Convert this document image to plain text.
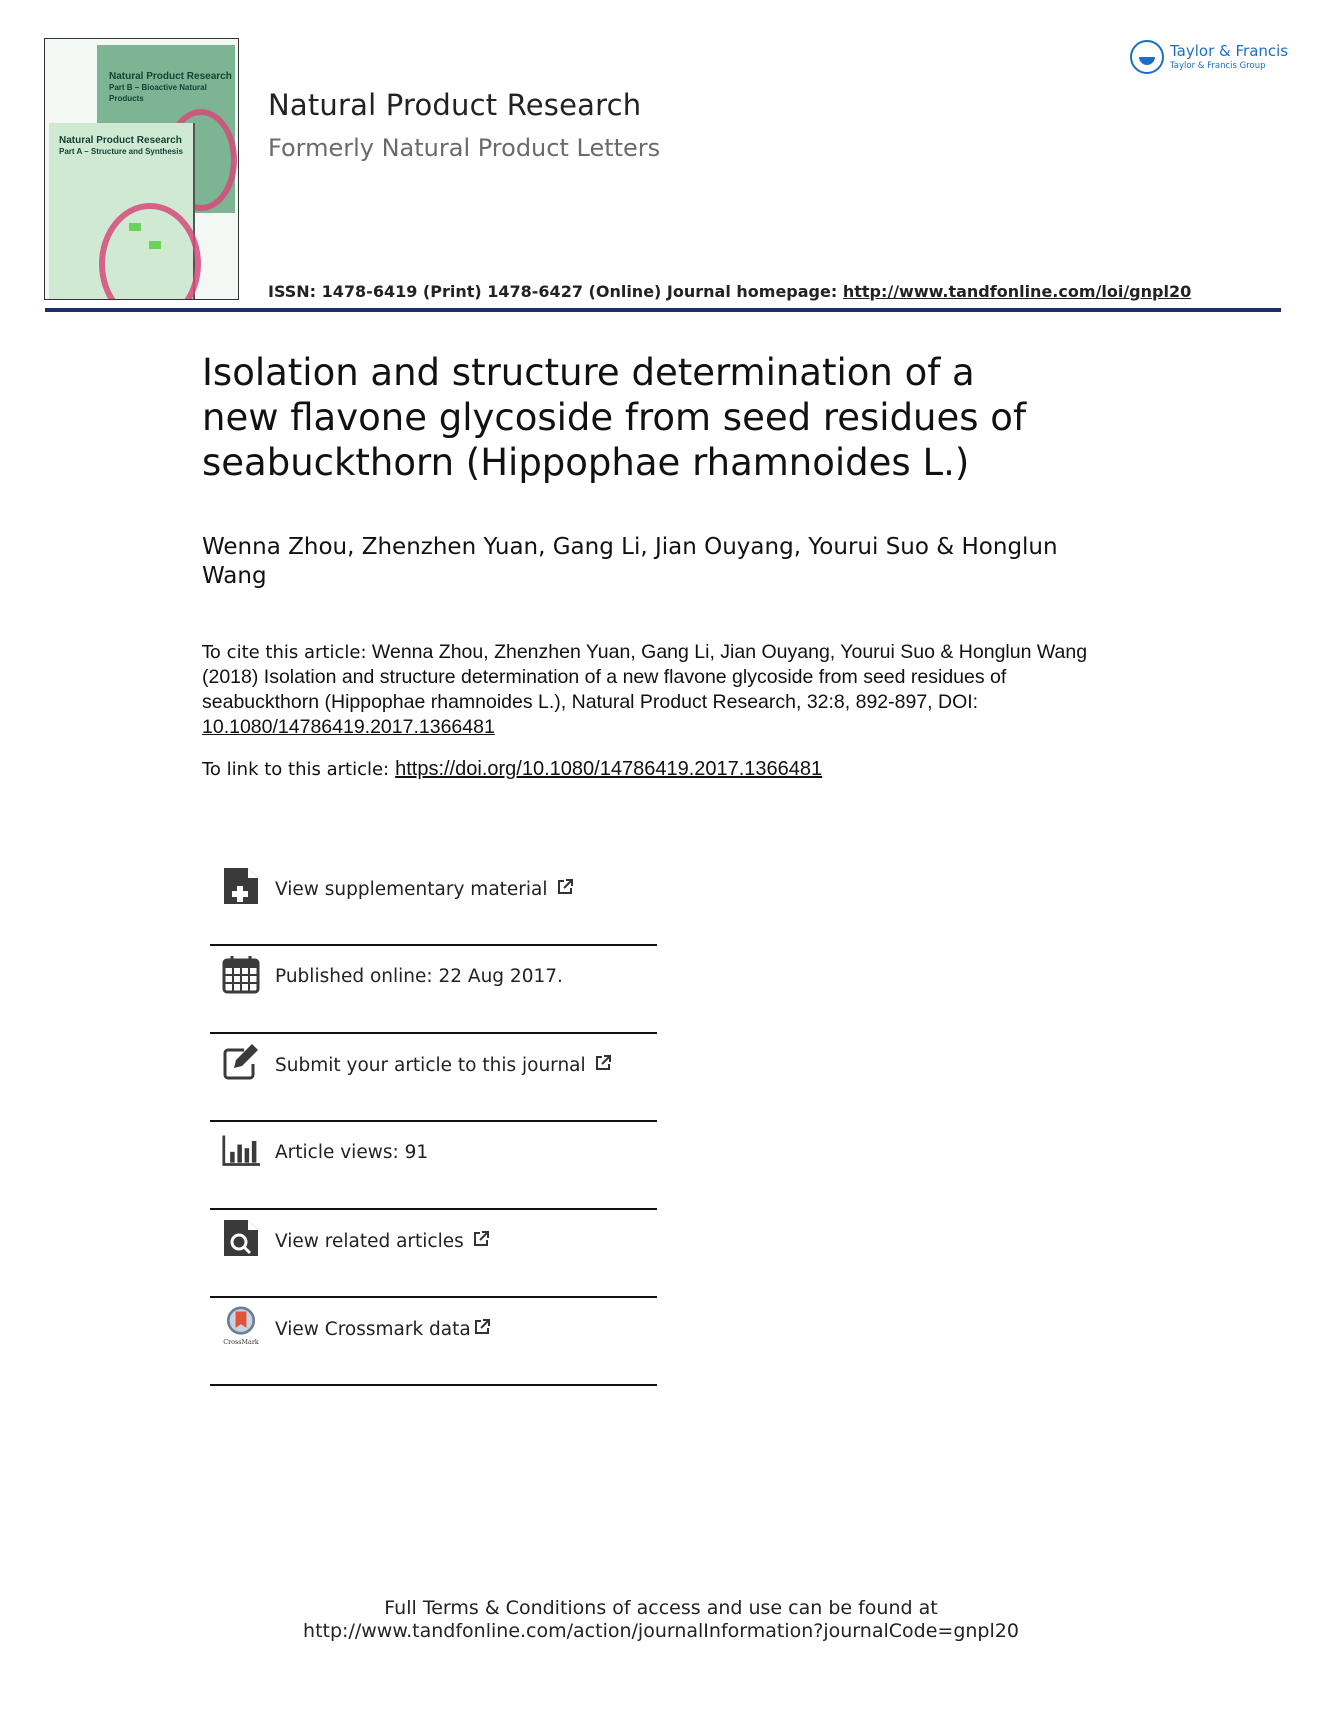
Natural Product Research
Part B – Bioactive Natural Products
Natural Product Research
Part A – Structure and Synthesis
Natural Product Research
Formerly Natural Product Letters
ISSN: 1478-6419 (Print) 1478-6427 (Online) Journal homepage: http://www.tandfonline.com/loi/gnpl20
Taylor & Francis
Taylor & Francis Group
Isolation and structure determination of a new flavone glycoside from seed residues of seabuckthorn (Hippophae rhamnoides L.)
Wenna Zhou, Zhenzhen Yuan, Gang Li, Jian Ouyang, Yourui Suo & Honglun Wang
To cite this article: Wenna Zhou, Zhenzhen Yuan, Gang Li, Jian Ouyang, Yourui Suo & Honglun Wang (2018) Isolation and structure determination of a new flavone glycoside from seed residues of seabuckthorn (Hippophae rhamnoides L.), Natural Product Research, 32:8, 892-897, DOI:
10.1080/14786419.2017.1366481
To link to this article: https://doi.org/10.1080/14786419.2017.1366481
View supplementary material
Published online: 22 Aug 2017.
Submit your article to this journal
Article views: 91
View related articles
CrossMark
View Crossmark data
Full Terms & Conditions of access and use can be found at
http://www.tandfonline.com/action/journalInformation?journalCode=gnpl20
